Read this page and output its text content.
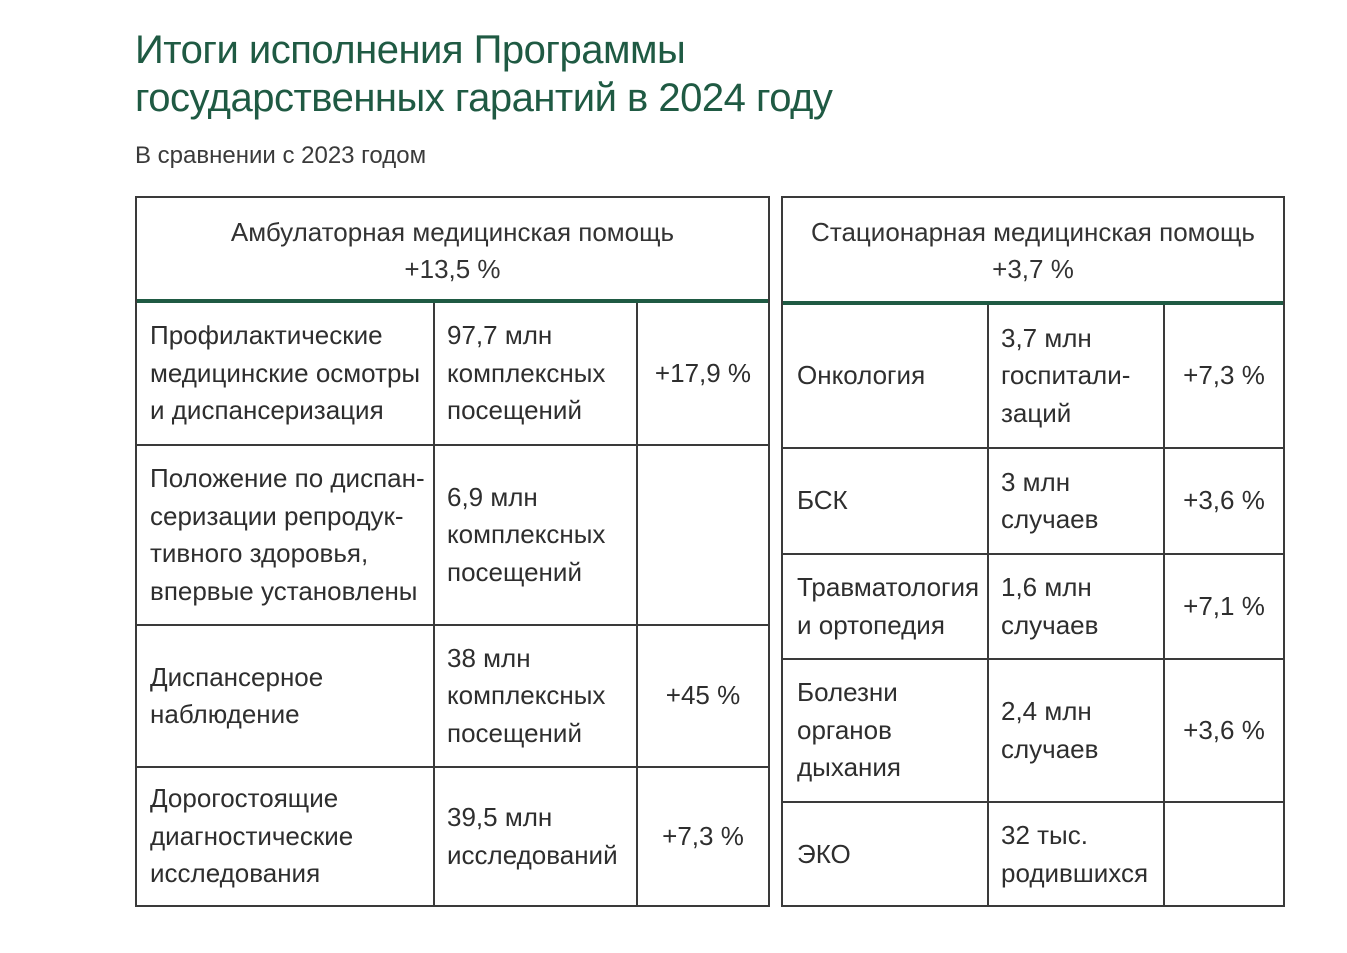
Итоги исполнения Программы
государственных гарантий в 2024 году

В сравнении с 2023 годом

Амбулаторная медицинская помощь
+13,5 %
Профилактические
медицинские осмотры
и диспансеризация	97,7 млн
комплексных
посещений	+17,9 %

Положение по диспан-
серизации репродук-
тивного здоровья,
впервые установлены	6,9 млн
комплексных
посещений	

Диспансерное
наблюдение	38 млн
комплексных
посещений	+45 %

Дорогостоящие
диагностические
исследования	39,5 млн
исследований	+7,3 %
Стационарная медицинская помощь
+3,7 %
Онкология	3,7 млн
госпитали-
заций	+7,3 %

БСК	3 млн
случаев	+3,6 %

Травматология
и ортопедия	1,6 млн
случаев	+7,1 %

Болезни
органов
дыхания	2,4 млн
случаев	+3,6 %

ЭКО	32 тыс.
родившихся	
